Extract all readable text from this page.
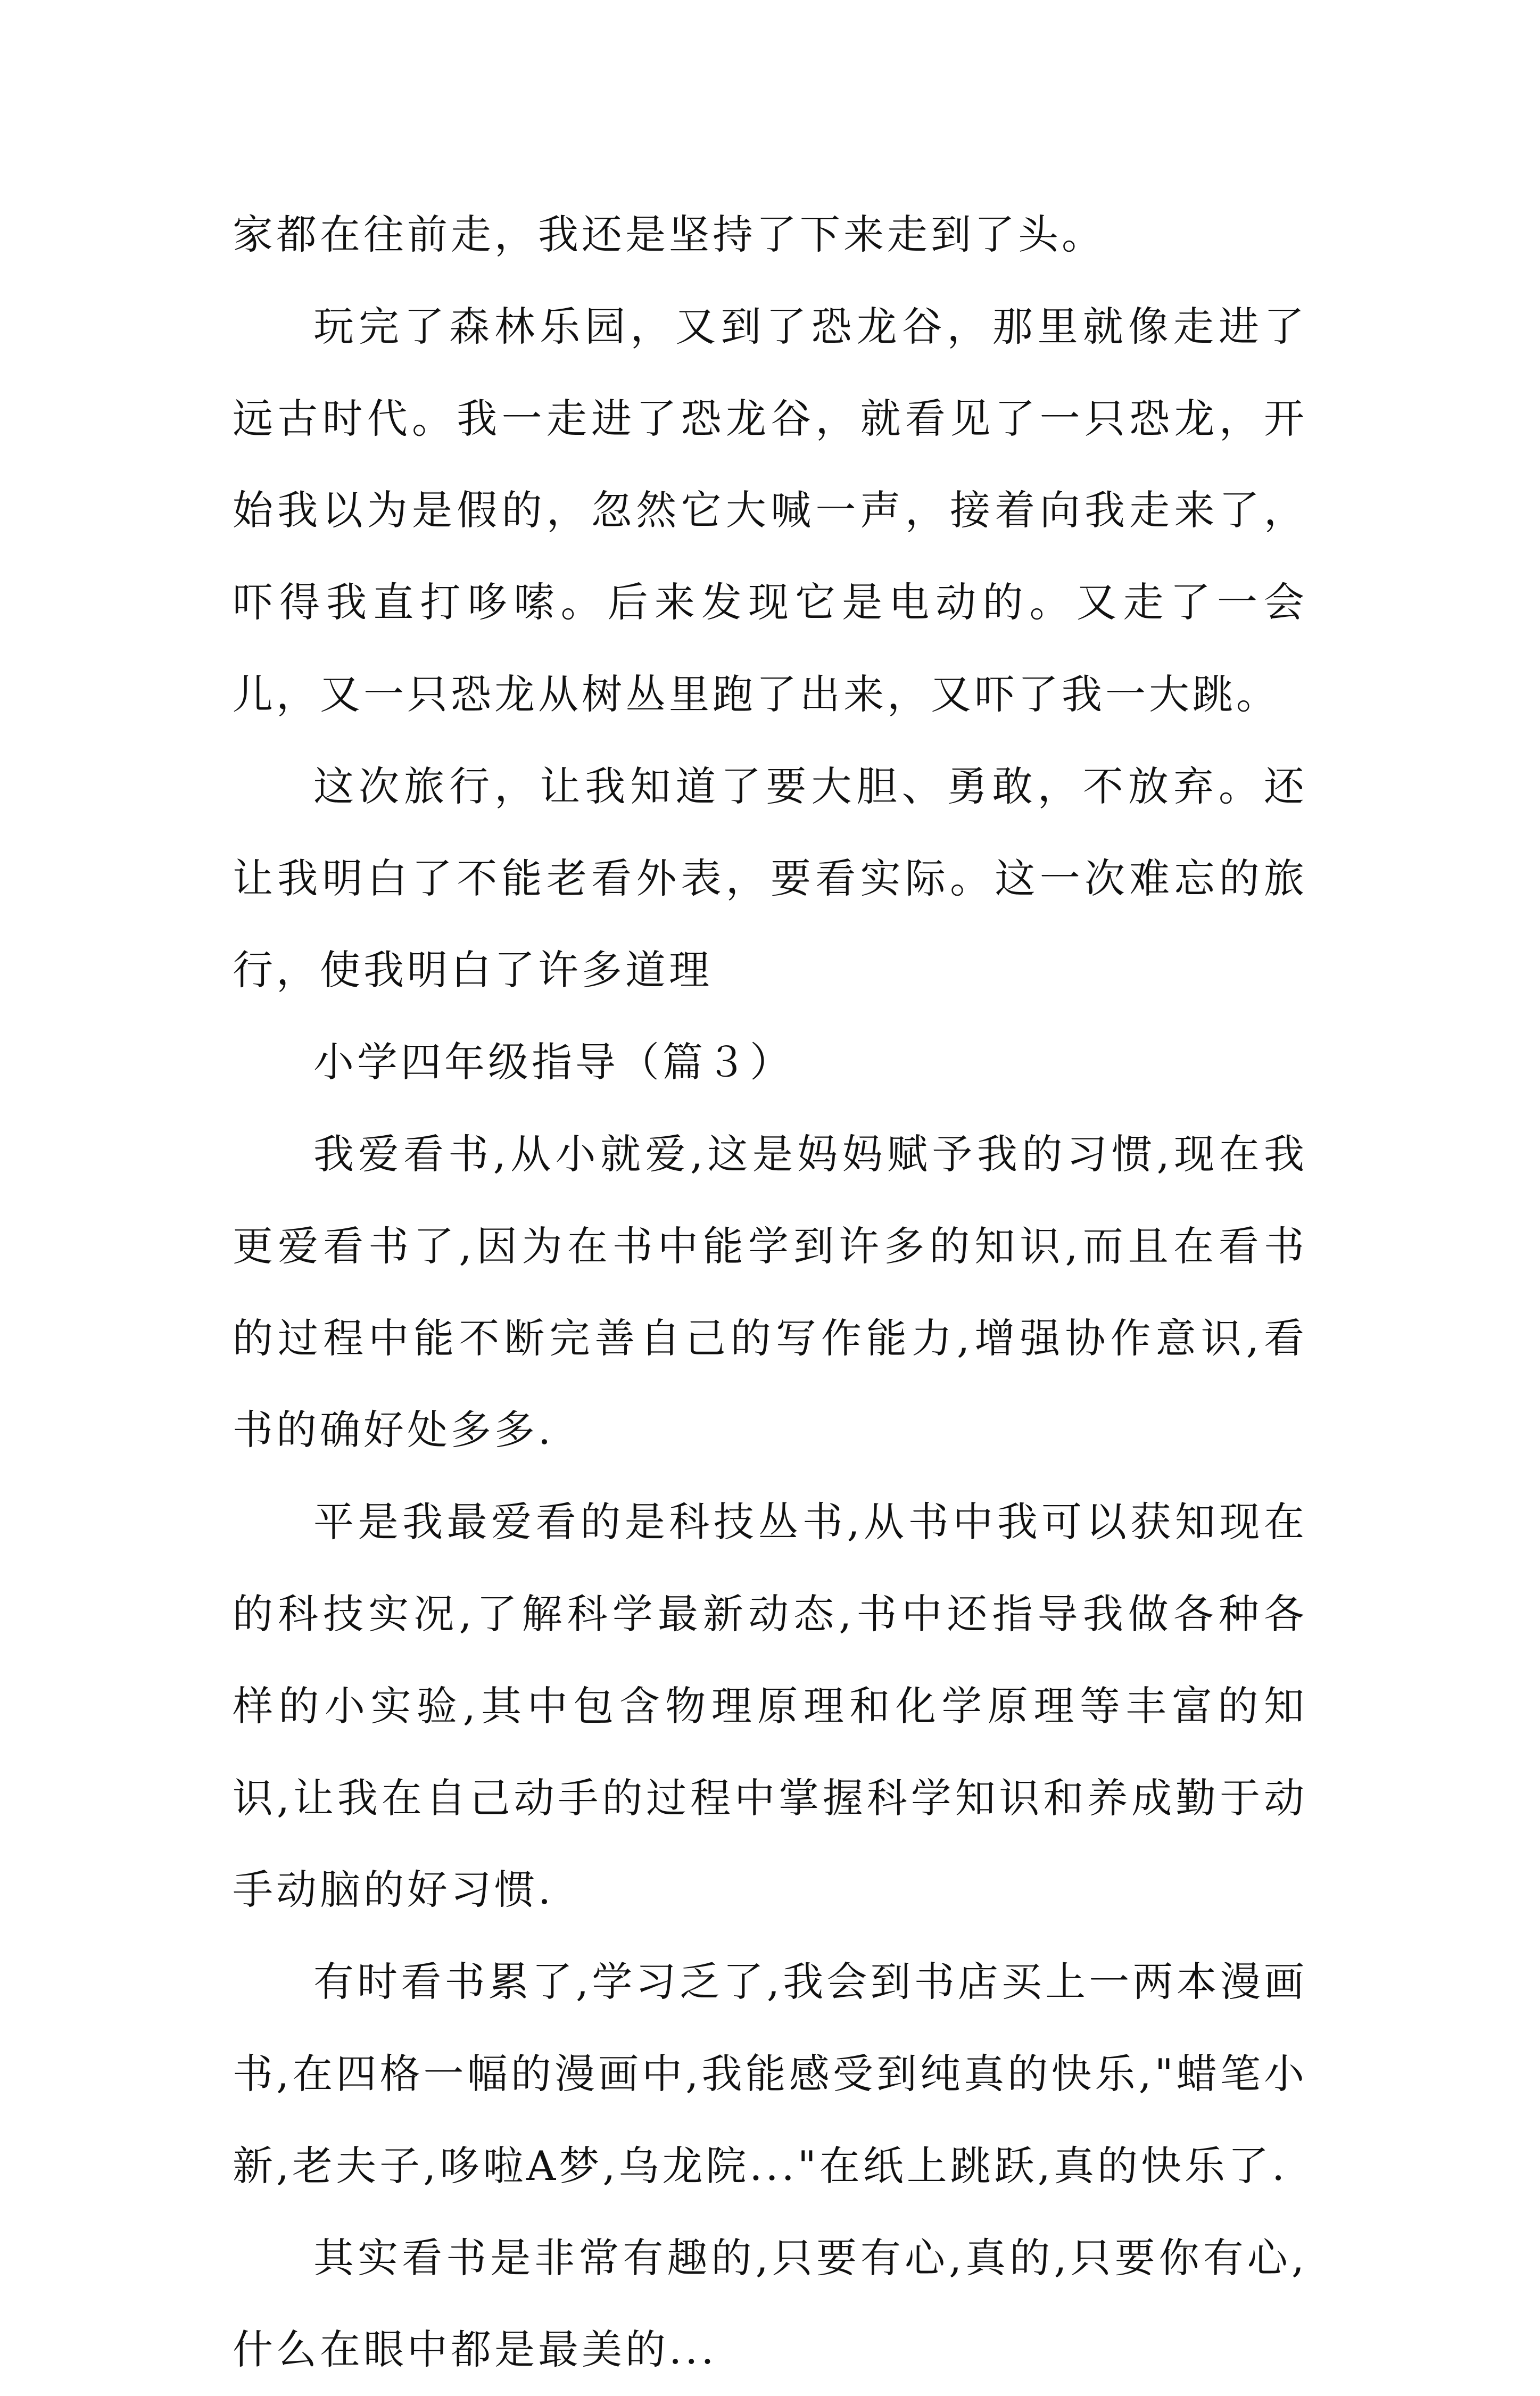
家都在往前走，我还是坚持了下来走到了头。

玩完了森林乐园，又到了恐龙谷，那里就像走进了远古时代。我一走进了恐龙谷，就看见了一只恐龙，开始我以为是假的，忽然它大喊一声，接着向我走来了，吓得我直打哆嗦。后来发现它是电动的。又走了一会儿，又一只恐龙从树丛里跑了出来，又吓了我一大跳。

这次旅行，让我知道了要大胆、勇敢，不放弃。还让我明白了不能老看外表，要看实际。这一次难忘的旅行，使我明白了许多道理

小学四年级指导（篇３）

我爱看书,从小就爱,这是妈妈赋予我的习惯,现在我更爱看书了,因为在书中能学到许多的知识,而且在看书的过程中能不断完善自己的写作能力,增强协作意识,看书的确好处多多.

平是我最爱看的是科技丛书,从书中我可以获知现在的科技实况,了解科学最新动态,书中还指导我做各种各样的小实验,其中包含物理原理和化学原理等丰富的知识,让我在自己动手的过程中掌握科学知识和养成勤于动手动脑的好习惯.

有时看书累了,学习乏了,我会到书店买上一两本漫画书,在四格一幅的漫画中,我能感受到纯真的快乐,"蜡笔小新,老夫子,哆啦A梦,乌龙院..."在纸上跳跃,真的快乐了.

其实看书是非常有趣的,只要有心,真的,只要你有心,什么在眼中都是最美的...
